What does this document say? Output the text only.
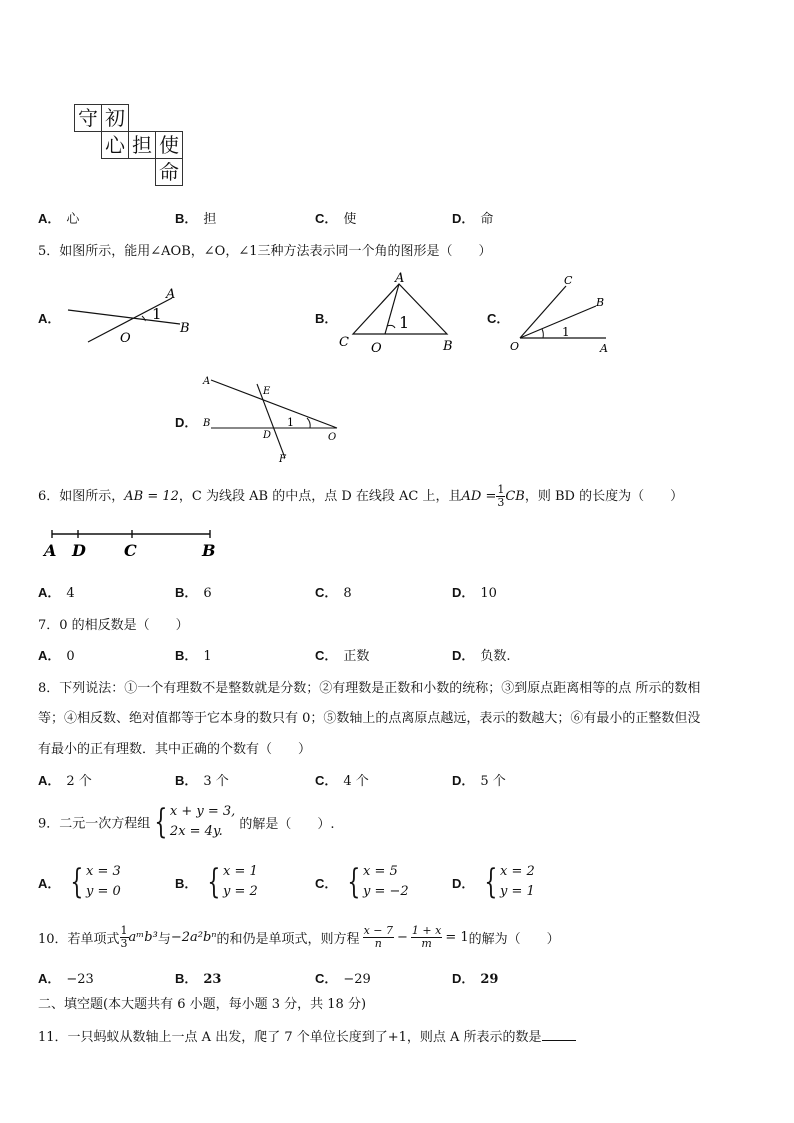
守 初
心 担 使
命
A． 心	B． 担	C． 使	D． 命
5．如图所示，能用∠AOB，∠O，∠1三种方法表示同一个角的图形是（　　）
A．
A
B
O
1	B．
A
C O	B
1	C．
C
B
O	A
1
D．
A
B
E
D
F
O
1
6．如图所示，AB = 12，C 为线段 AB 的中点，点 D 在线段 AC 上，且AD = $\frac{1}{3}$ CB，则 BD 的长度为（　　）
A D C	B
A． 4	B． 6	C． 8	D． 10
7．0 的相反数是（　　）
A． 0	B． 1	C． 正数	D． 负数.
8．下列说法：①一个有理数不是整数就是分数；②有理数是正数和小数的统称；③到原点距离相等的点 所示的数相
等；④相反数、绝对值都等于它本身的数只有 0；⑤数轴上的点离原点越远，表示的数越大；⑥有最小的正整数但没
有最小的正有理数．其中正确的个数有（　　）
A． 2 个	B． 3 个	C． 4 个	D． 5 个
9．二元一次方程组 { x + y = 3,
2x = 4y.	的解是（　　）.
A． { x = 3
y = 0
B． { x = 1
y = 2
C． { x = 5
y = −2
D． { x = 2
y = 1
10．若单项式 $\frac{1}{3}$ aᵐb³与−2a²bⁿ的和仍是单项式，则方程 $\frac{x - 7}{n} - \frac{1 + x}{m} = 1$的解为（　　）
A． −23	B． 23	C． −29	D． 29
二、填空题(本大题共有 6 小题，每小题 3 分，共 18 分)
11．一只蚂蚁从数轴上一点 A 出发，爬了 7 个单位长度到了+1，则点 A 所表示的数是
